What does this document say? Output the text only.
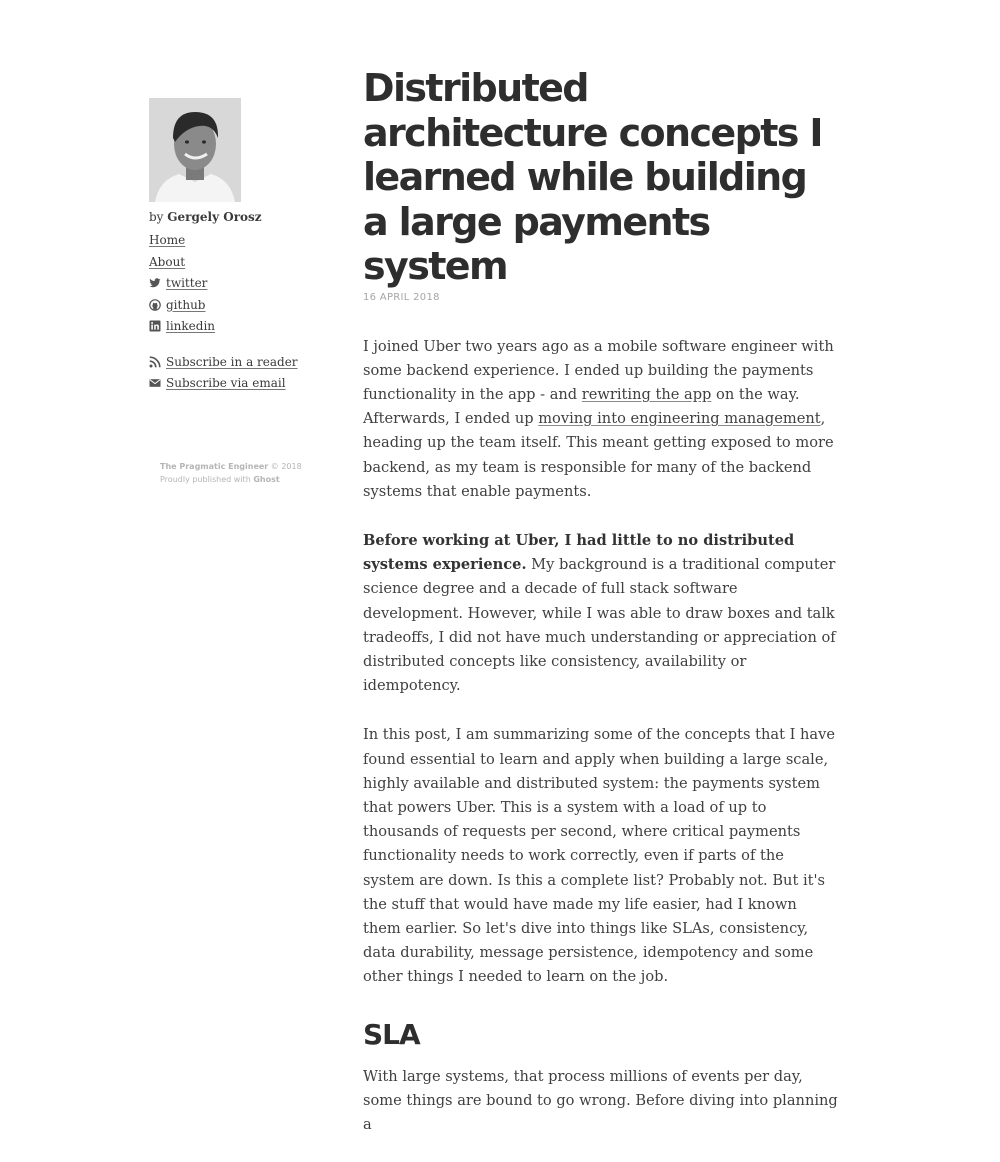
by Gergely Orosz
Home
About
twitter
github
linkedin
Subscribe in a reader
Subscribe via email
The Pragmatic Engineer © 2018
Proudly published with Ghost
Distributed architecture concepts I learned while building a large payments system
16 APRIL 2018

I joined Uber two years ago as a mobile software engineer with some backend experience. I ended up building the payments functionality in the app - and rewriting the app on the way. Afterwards, I ended up moving into engineering management, heading up the team itself. This meant getting exposed to more backend, as my team is responsible for many of the backend systems that enable payments.

Before working at Uber, I had little to no distributed systems experience. My background is a traditional computer science degree and a decade of full stack software development. However, while I was able to draw boxes and talk tradeoffs, I did not have much understanding or appreciation of distributed concepts like consistency, availability or idempotency.

In this post, I am summarizing some of the concepts that I have found essential to learn and apply when building a large scale, highly available and distributed system: the payments system that powers Uber. This is a system with a load of up to thousands of requests per second, where critical payments functionality needs to work correctly, even if parts of the system are down. Is this a complete list? Probably not. But it's the stuff that would have made my life easier, had I known them earlier. So let's dive into things like SLAs, consistency, data durability, message persistence, idempotency and some other things I needed to learn on the job.

SLA

With large systems, that process millions of events per day, some things are bound to go wrong. Before diving into planning a
